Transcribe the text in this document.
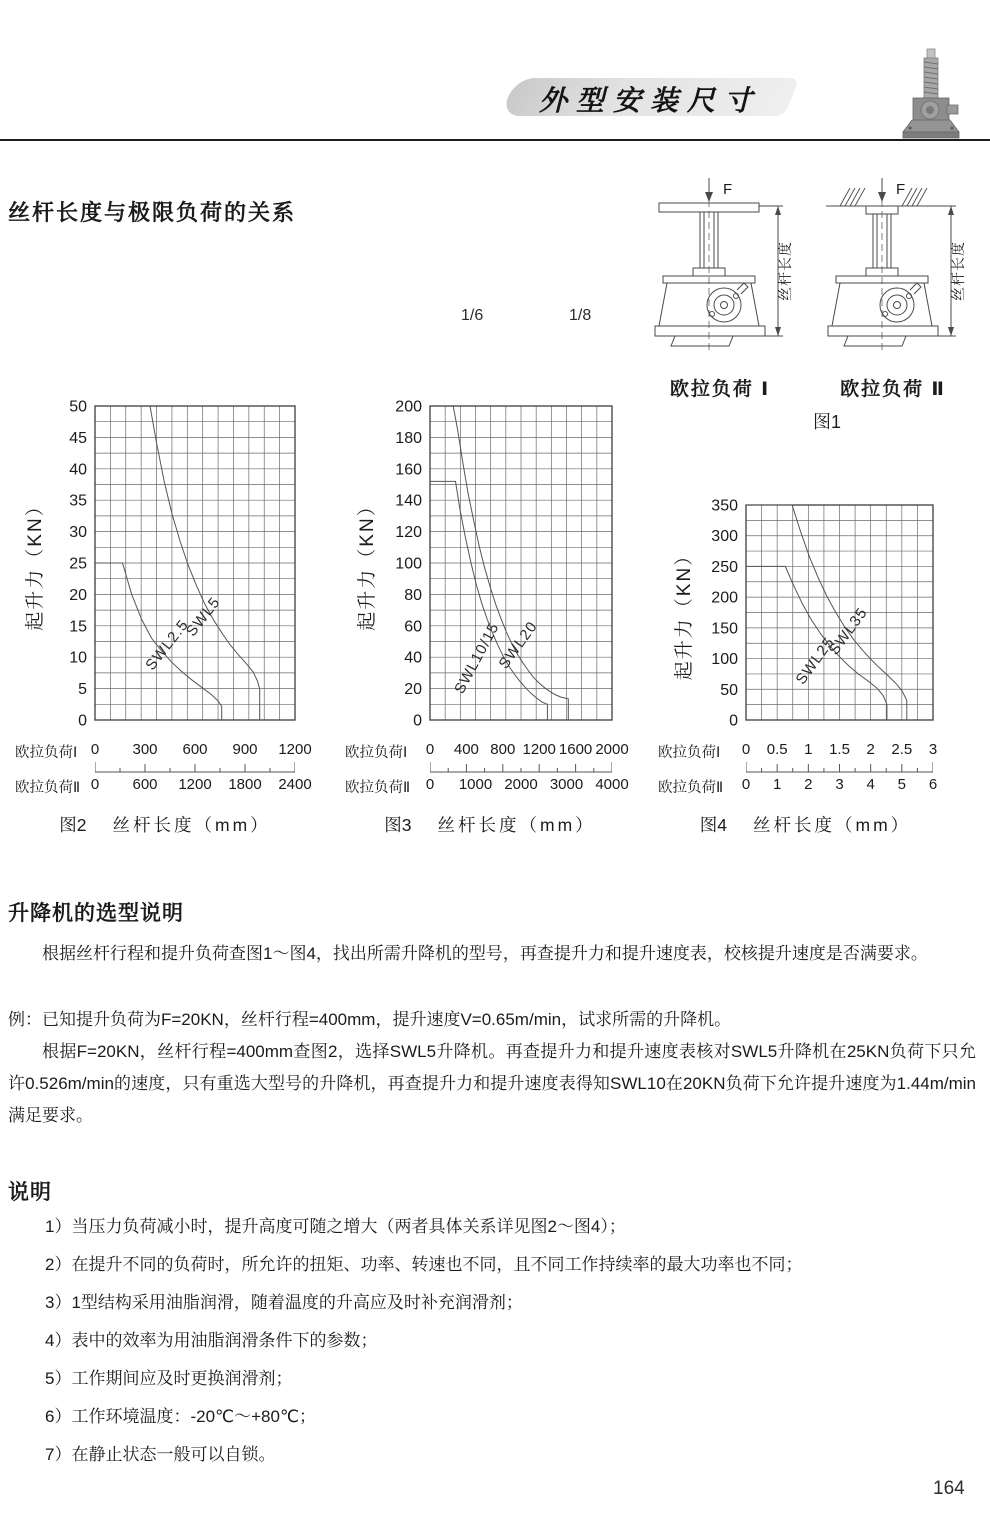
外型安装尺寸
丝杆长度与极限负荷的关系
1/6	1/8
F
丝杆长度
F
丝杆长度
欧拉负荷 Ⅰ	欧拉负荷 Ⅱ
图1
0
5
10
15
20
25
30
35
40
45
50
起升力（KN）
SWL2.5
SWL5
欧拉负荷Ⅰ 0 300 600 900 1200
欧拉负荷Ⅱ 0 600 1200 1800 2400
图2 丝杆长度（mm）
0
20
40
60
80
100
120
140
160
180
200
起升力（KN）
SWL10/15
SWL20
欧拉负荷Ⅰ 0 400 800 1200 1600 2000
欧拉负荷Ⅱ 0 1000 2000 3000 4000
图3 丝杆长度（mm）
0
50
100
150
200
250
300
350
起升力（KN）	SWL25
SWL35
欧拉负荷Ⅰ 0 0.5 1 1.5 2 2.5 3
欧拉负荷Ⅱ 0 1 2 3 4 5 6
图4 丝杆长度（mm）
升降机的选型说明
根据丝杆行程和提升负荷查图1～图4，找出所需升降机的型号，再查提升力和提升速度表，校核提升速度是否满要求。
例：已知提升负荷为F=20KN，丝杆行程=400mm，提升速度V=0.65m/min，试求所需的升降机。
根据F=20KN，丝杆行程=400mm查图2，选择SWL5升降机。再查提升力和提升速度表核对SWL5升降机在25KN负荷下只允许0.526m/min的速度，只有重选大型号的升降机，再查提升力和提升速度表得知SWL10在20KN负荷下允许提升速度为1.44m/min满足要求。
说明
1）当压力负荷减小时，提升高度可随之增大（两者具体关系详见图2～图4）；
2）在提升不同的负荷时，所允许的扭矩、功率、转速也不同，且不同工作持续率的最大功率也不同；
3）1型结构采用油脂润滑，随着温度的升高应及时补充润滑剂；
4）表中的效率为用油脂润滑条件下的参数；
5）工作期间应及时更换润滑剂；
6）工作环境温度：-20℃～+80℃；
7）在静止状态一般可以自锁。
164
